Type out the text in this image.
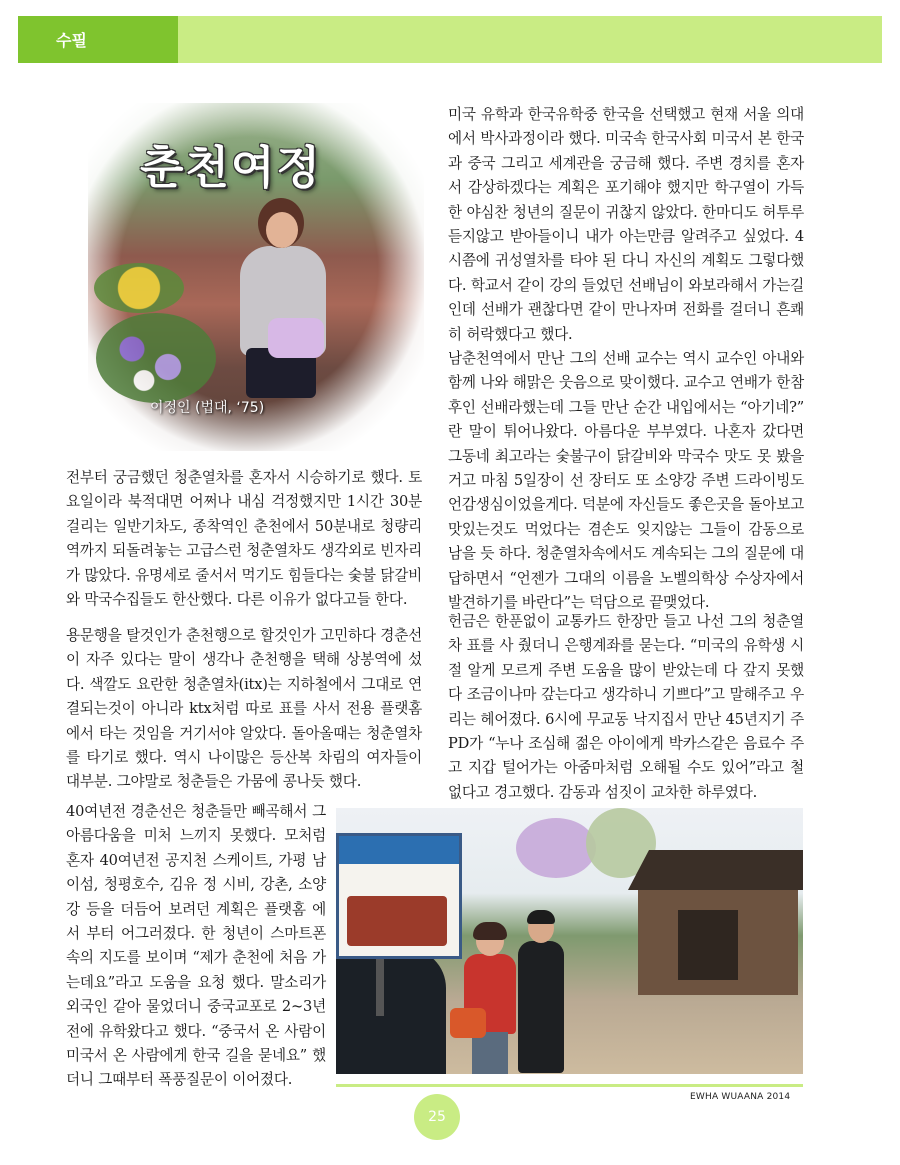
수필
춘천여정
이정인 (법대, ‘75)

전부터 궁금했던 청춘열차를 혼자서 시승하기로 했다. 토요일이라 북적대면 어쩌나 내심 걱정했지만 1시간 30분 걸리는 일반기차도, 종착역인 춘천에서 50분내로 청량리역까지 되돌려놓는 고급스런 청춘열차도 생각외로 빈자리가 많았다. 유명세로 줄서서 먹기도 힘들다는 숯불 닭갈비와 막국수집들도 한산했다. 다른 이유가 없다고들 한다.

용문행을 탈것인가 춘천행으로 할것인가 고민하다 경춘선이 자주 있다는 말이 생각나 춘천행을 택해 상봉역에 섰다. 색깔도 요란한 청춘열차(itx)는 지하철에서 그대로 연결되는것이 아니라 ktx처럼 따로 표를 사서 전용 플랫홈에서 타는 것임을 거기서야 알았다. 돌아올때는 청춘열차를 타기로 했다. 역시 나이많은 등산복 차림의 여자들이 대부분. 그야말로 청춘들은 가뭄에 콩나듯 했다.

40여년전 경춘선은 청춘들만 빼곡해서 그 아름다움을 미처 느끼지 못했다. 모처럼 혼자 40여년전 공지천 스케이트, 가평 남이섬, 청평호수, 김유 정 시비, 강촌, 소양강 등을 더듬어 보려던 계획은 플랫홈 에서 부터 어그러졌다. 한 청년이 스마트폰속의 지도를 보이며 “제가 춘천에 처음 가는데요”라고 도움을 요청 했다. 말소리가 외국인 같아 물었더니 중국교포로 2~3년 전에 유학왔다고 했다. “중국서 온 사람이 미국서 온 사람에게 한국 길을 묻네요” 했더니 그때부터 폭풍질문이 이어졌다.

미국 유학과 한국유학중 한국을 선택했고 현재 서울 의대에서 박사과정이라 했다. 미국속 한국사회 미국서 본 한국과 중국 그리고 세계관을 궁금해 했다. 주변 경치를 혼자서 감상하겠다는 계획은 포기해야 했지만 학구열이 가득한 야심찬 청년의 질문이 귀찮지 않았다. 한마디도 허투루 듣지않고 받아들이니 내가 아는만큼 알려주고 싶었다. 4시쯤에 귀성열차를 타야 된 다니 자신의 계획도 그렇다했다. 학교서 같이 강의 들었던 선배님이 와보라해서 가는길인데 선배가 괜찮다면 같이 만나자며 전화를 걸더니 흔쾌히 허락했다고 했다.

남춘천역에서 만난 그의 선배 교수는 역시 교수인 아내와 함께 나와 해맑은 웃음으로 맞이했다. 교수고 연배가 한참 후인 선배라했는데 그들 만난 순간 내입에서는 “아기네?” 란 말이 튀어나왔다. 아름다운 부부였다. 나혼자 갔다면 그동네 최고라는 숯불구이 닭갈비와 막국수 맛도 못 봤을 거고 마침 5일장이 선 장터도 또 소양강 주변 드라이빙도 언감생심이었을게다. 덕분에 자신들도 좋은곳을 돌아보고 맛있는것도 먹었다는 겸손도 잊지않는 그들이 감동으로 남을 듯 하다. 청춘열차속에서도 계속되는 그의 질문에 대답하면서 “언젠가 그대의 이름을 노벨의학상 수상자에서 발견하기를 바란다”는 덕담으로 끝맺었다.

헌금은 한푼없이 교통카드 한장만 들고 나선 그의 청춘열차 표를 사 줬더니 은행계좌를 묻는다. “미국의 유학생 시절 알게 모르게 주변 도움을 많이 받았는데 다 갚지 못했다 조금이나마 갚는다고 생각하니 기쁘다”고 말해주고 우리는 헤어졌다. 6시에 무교동 낙지집서 만난 45년지기 주 PD가 “누나 조심해 젊은 아이에게 박카스같은 음료수 주고 지갑 털어가는 아줌마처럼 오해될 수도 있어”라고 철없다고 경고했다. 감동과 섬짓이 교차한 하루였다.

EWHA WUAANA 2014
25
